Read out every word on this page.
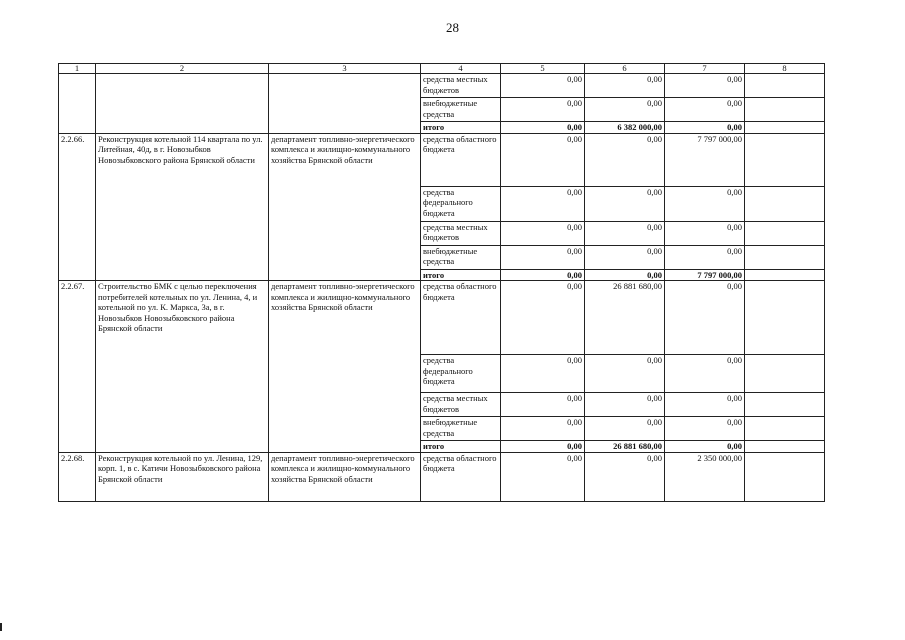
28
1	2	3	4	5	6	7	8
			средства местных бюджетов	0,00	0,00	0,00	
			внебюджетные средства	0,00	0,00	0,00	
			итого	0,00	6 382 000,00	0,00	
2.2.66.	Реконструкция котельной 114 квартала по ул. Литейная, 40д, в г. Новозыбков Новозыбковского района Брянской области	департамент топливно-энергетического комплекса и жилищно-коммунального хозяйства Брянской области	средства областного бюджета	0,00	0,00	7 797 000,00	
			средства федерального бюджета	0,00	0,00	0,00	
			средства местных бюджетов	0,00	0,00	0,00	
			внебюджетные средства	0,00	0,00	0,00	
			итого	0,00	0,00	7 797 000,00	
2.2.67.	Строительство БМК с целью переключения потребителей котельных по ул. Ленина, 4, и котельной по ул. К. Маркса, 3а, в г. Новозыбков Новозыбковского района Брянской области	департамент топливно-энергетического комплекса и жилищно-коммунального хозяйства Брянской области	средства областного бюджета	0,00	26 881 680,00	0,00	
			средства федерального бюджета	0,00	0,00	0,00	
			средства местных бюджетов	0,00	0,00	0,00	
			внебюджетные средства	0,00	0,00	0,00	
			итого	0,00	26 881 680,00	0,00	
2.2.68.	Реконструкция котельной по ул. Ленина, 129, корп. 1, в с. Катичи Новозыбковского района Брянской области	департамент топливно-энергетического комплекса и жилищно-коммунального хозяйства Брянской области	средства областного бюджета	0,00	0,00	2 350 000,00	
